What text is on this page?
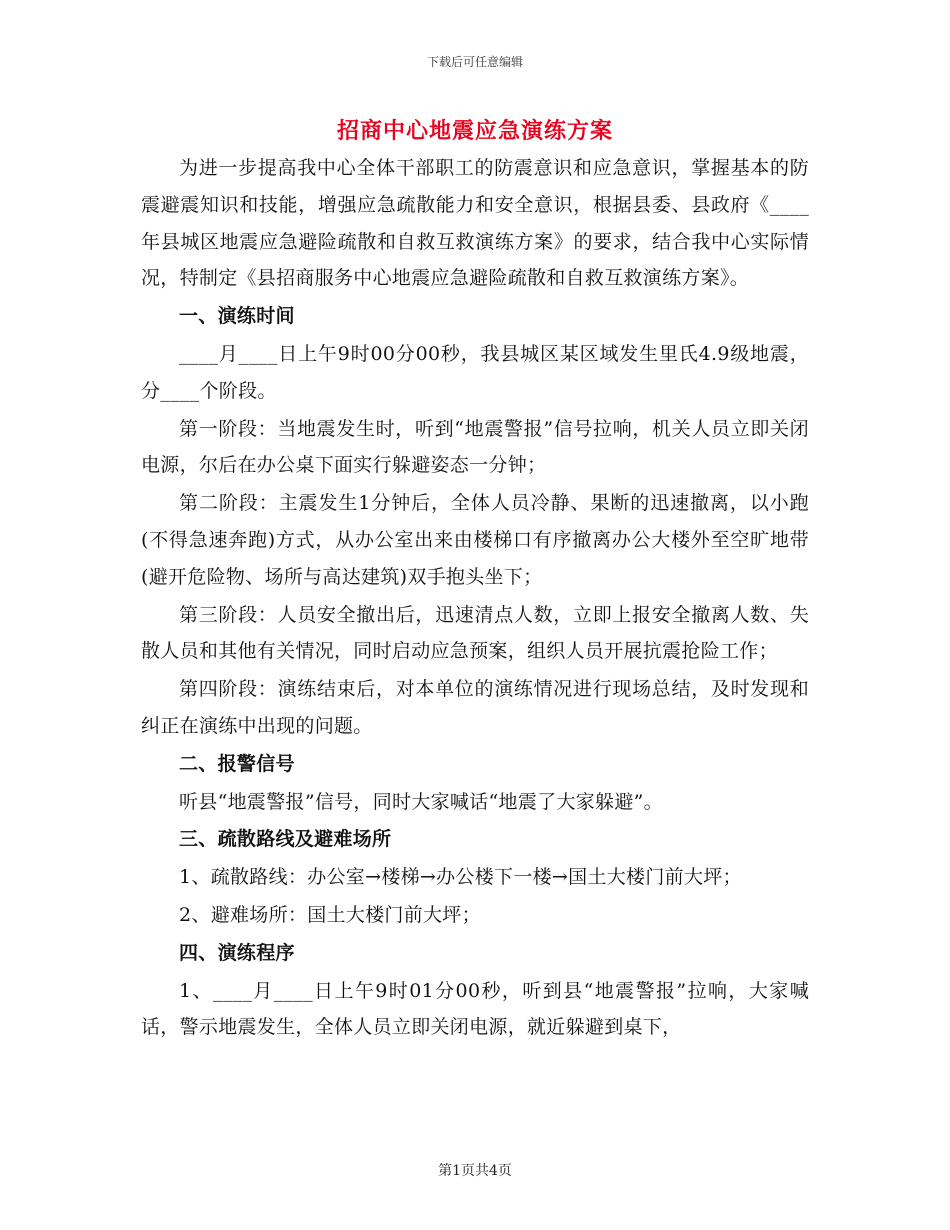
下载后可任意编辑
招商中心地震应急演练方案

为进一步提高我中心全体干部职工的防震意识和应急意识，掌握基本的防震避震知识和技能，增强应急疏散能力和安全意识，根据县委、县政府《____年县城区地震应急避险疏散和自救互救演练方案》的要求，结合我中心实际情况，特制定《县招商服务中心地震应急避险疏散和自救互救演练方案》。

一、演练时间

____月____日上午9时00分00秒，我县城区某区域发生里氏4.9级地震，分____个阶段。

第一阶段：当地震发生时，听到“地震警报”信号拉响，机关人员立即关闭电源，尔后在办公桌下面实行躲避姿态一分钟；

第二阶段：主震发生1分钟后，全体人员冷静、果断的迅速撤离，以小跑(不得急速奔跑)方式，从办公室出来由楼梯口有序撤离办公大楼外至空旷地带(避开危险物、场所与高达建筑)双手抱头坐下；

第三阶段：人员安全撤出后，迅速清点人数，立即上报安全撤离人数、失散人员和其他有关情况，同时启动应急预案，组织人员开展抗震抢险工作；

第四阶段：演练结束后，对本单位的演练情况进行现场总结，及时发现和纠正在演练中出现的问题。

二、报警信号

听县“地震警报”信号，同时大家喊话“地震了大家躲避”。

三、疏散路线及避难场所

1、疏散路线：办公室→楼梯→办公楼下一楼→国土大楼门前大坪；

2、避难场所：国土大楼门前大坪；

四、演练程序

1、____月____日上午9时01分00秒，听到县“地震警报”拉响，大家喊话，警示地震发生，全体人员立即关闭电源，就近躲避到桌下，

第1页共4页
